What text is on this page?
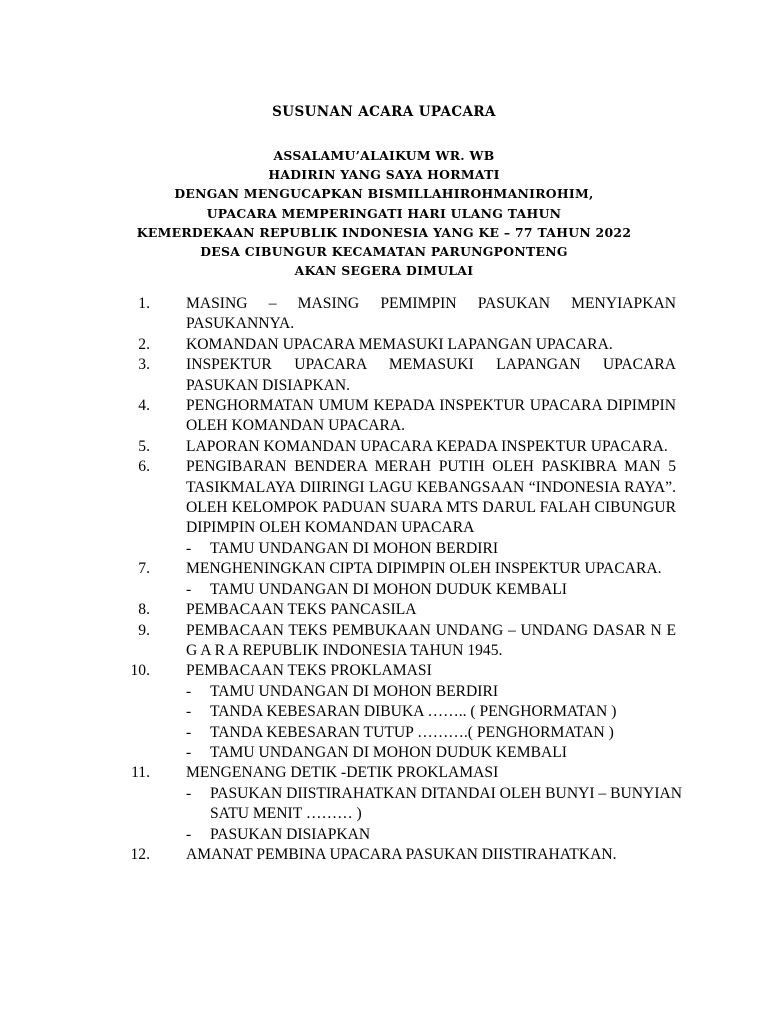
SUSUNAN ACARA UPACARA
ASSALAMU’ALAIKUM WR. WB
HADIRIN YANG SAYA HORMATI
DENGAN MENGUCAPKAN BISMILLAHIROHMANIROHIM,
UPACARA MEMPERINGATI HARI ULANG TAHUN
KEMERDEKAAN REPUBLIK INDONESIA YANG KE – 77 TAHUN 2022
DESA CIBUNGUR KECAMATAN PARUNGPONTENG
AKAN SEGERA DIMULAI
1. MASING – MASING PEMIMPIN PASUKAN MENYIAPKAN PASUKANNYA.
2. KOMANDAN UPACARA MEMASUKI LAPANGAN UPACARA.
3. INSPEKTUR UPACARA MEMASUKI LAPANGAN UPACARA PASUKAN DISIAPKAN.
4. PENGHORMATAN UMUM KEPADA INSPEKTUR UPACARA DIPIMPIN OLEH KOMANDAN UPACARA.
5. LAPORAN KOMANDAN UPACARA KEPADA INSPEKTUR UPACARA.
6. PENGIBARAN BENDERA MERAH PUTIH OLEH PASKIBRA MAN 5 TASIKMALAYA DIIRINGI LAGU KEBANGSAAN “INDONESIA RAYA”. OLEH KELOMPOK PADUAN SUARA MTS DARUL FALAH CIBUNGUR DIPIMPIN OLEH KOMANDAN UPACARA
-	TAMU UNDANGAN DI MOHON BERDIRI
7. MENGHENINGKAN CIPTA DIPIMPIN OLEH INSPEKTUR UPACARA.
-	TAMU UNDANGAN DI MOHON DUDUK KEMBALI
8. PEMBACAAN TEKS PANCASILA
9. PEMBACAAN TEKS PEMBUKAAN UNDANG – UNDANG DASAR N E G A R A REPUBLIK INDONESIA TAHUN 1945.
10. PEMBACAAN TEKS PROKLAMASI
-	TAMU UNDANGAN DI MOHON BERDIRI
-	TANDA KEBESARAN DIBUKA …….. ( PENGHORMATAN )
-	TANDA KEBESARAN TUTUP ……….( PENGHORMATAN )
-	TAMU UNDANGAN DI MOHON DUDUK KEMBALI
11. MENGENANG DETIK -DETIK PROKLAMASI
-	PASUKAN DIISTIRAHATKAN DITANDAI OLEH BUNYI – BUNYIAN SATU MENIT ……… )
-	PASUKAN DISIAPKAN
12. AMANAT PEMBINA UPACARA PASUKAN DIISTIRAHATKAN.
